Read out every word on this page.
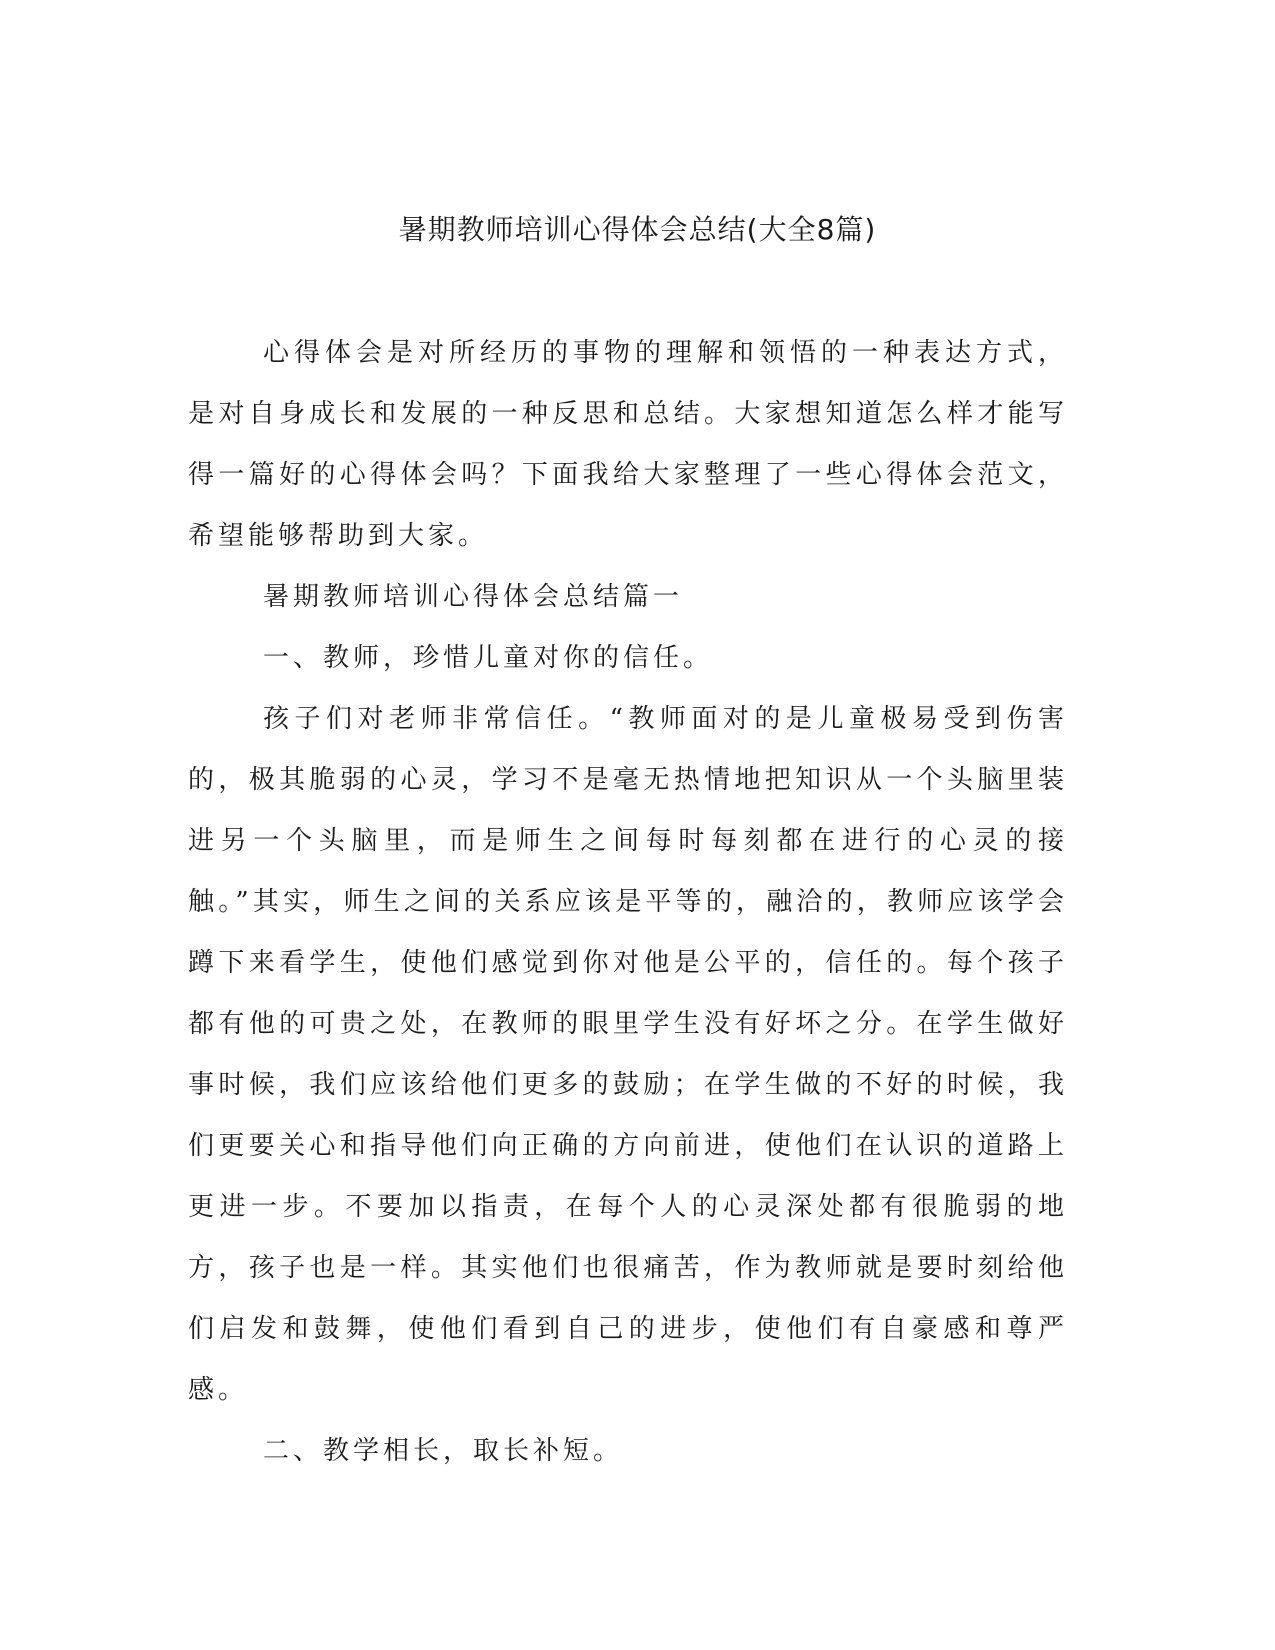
暑期教师培训心得体会总结(大全8篇)

心得体会是对所经历的事物的理解和领悟的一种表达方式，是对自身成长和发展的一种反思和总结。大家想知道怎么样才能写得一篇好的心得体会吗？下面我给大家整理了一些心得体会范文，希望能够帮助到大家。

暑期教师培训心得体会总结篇一

一、教师，珍惜儿童对你的信任。

孩子们对老师非常信任。“教师面对的是儿童极易受到伤害的，极其脆弱的心灵，学习不是毫无热情地把知识从一个头脑里装进另一个头脑里，而是师生之间每时每刻都在进行的心灵的接触。”其实，师生之间的关系应该是平等的，融洽的，教师应该学会蹲下来看学生，使他们感觉到你对他是公平的，信任的。每个孩子都有他的可贵之处，在教师的眼里学生没有好坏之分。在学生做好事时候，我们应该给他们更多的鼓励；在学生做的不好的时候，我们更要关心和指导他们向正确的方向前进，使他们在认识的道路上更进一步。不要加以指责，在每个人的心灵深处都有很脆弱的地方，孩子也是一样。其实他们也很痛苦，作为教师就是要时刻给他们启发和鼓舞，使他们看到自己的进步，使他们有自豪感和尊严感。

二、教学相长，取长补短。
